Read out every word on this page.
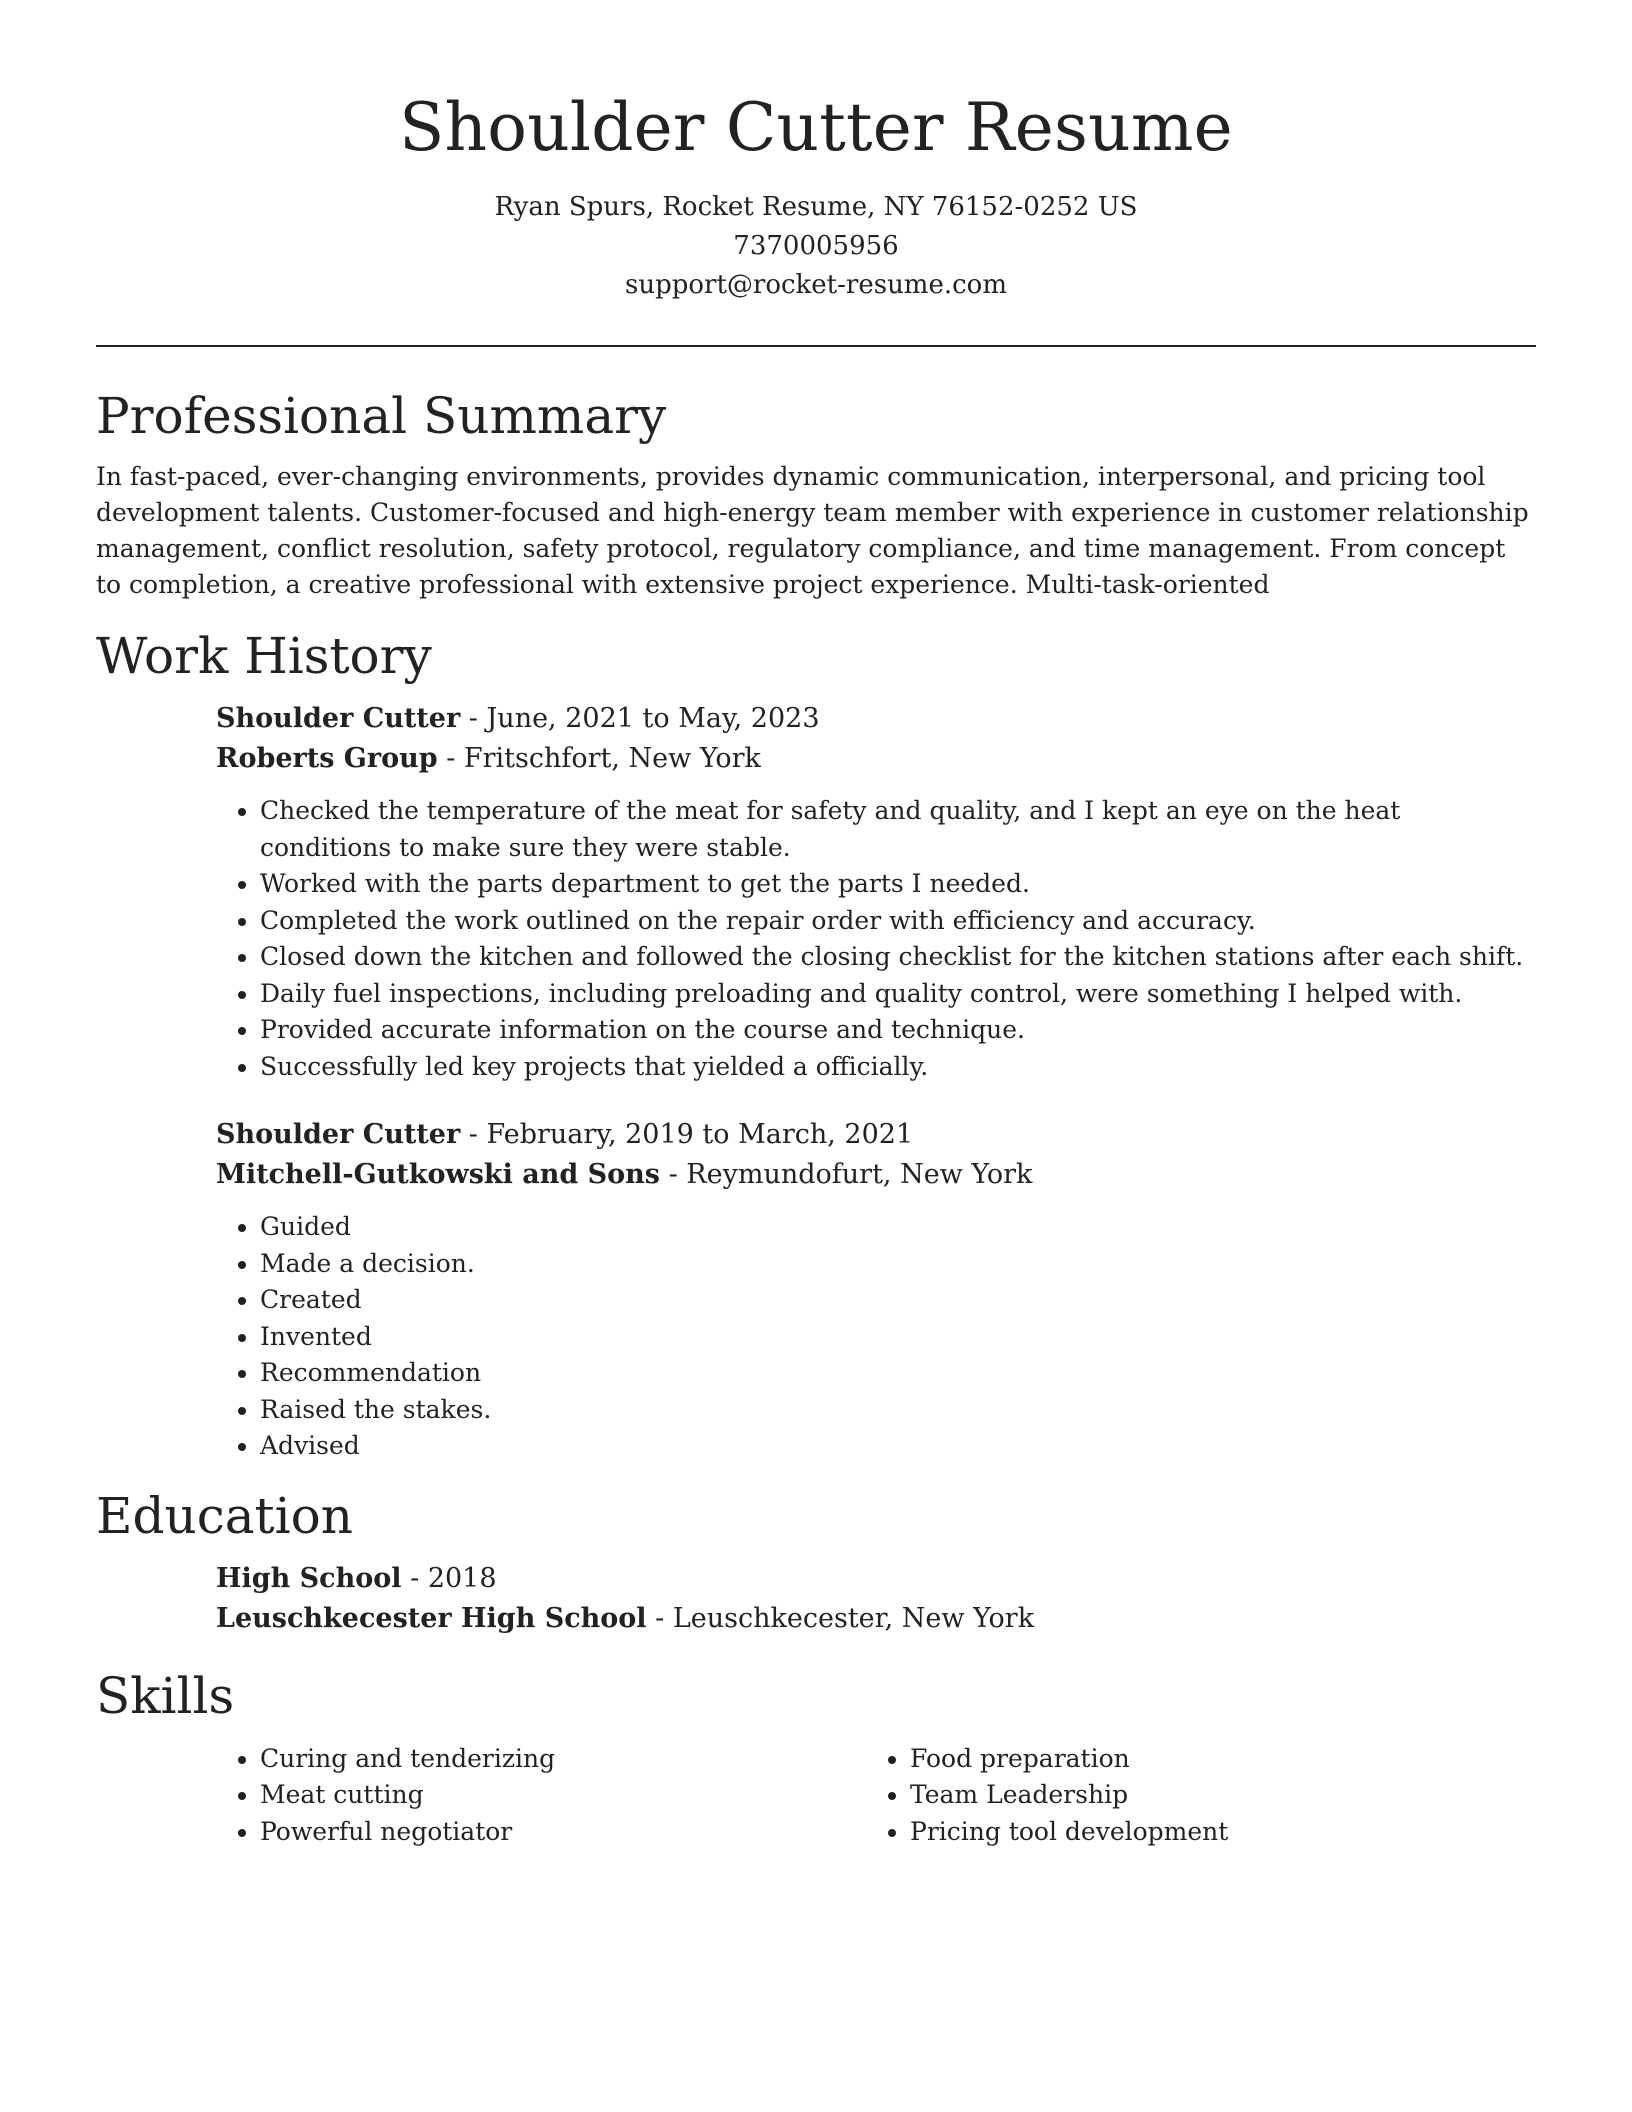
Shoulder Cutter Resume
Ryan Spurs, Rocket Resume, NY 76152-0252 US
7370005956
support@rocket-resume.com
Professional Summary

In fast-paced, ever-changing environments, provides dynamic communication, interpersonal, and pricing tool development talents. Customer-focused and high-energy team member with experience in customer relationship management, conflict resolution, safety protocol, regulatory compliance, and time management. From concept to completion, a creative professional with extensive project experience. Multi-task-oriented

Work History
Shoulder Cutter - June, 2021 to May, 2023
Roberts Group - Fritschfort, New York
• Checked the temperature of the meat for safety and quality, and I kept an eye on the heat conditions to make sure they were stable.
• Worked with the parts department to get the parts I needed.
• Completed the work outlined on the repair order with efficiency and accuracy.
• Closed down the kitchen and followed the closing checklist for the kitchen stations after each shift.
• Daily fuel inspections, including preloading and quality control, were something I helped with.
• Provided accurate information on the course and technique.
• Successfully led key projects that yielded a officially.
Shoulder Cutter - February, 2019 to March, 2021
Mitchell-Gutkowski and Sons - Reymundofurt, New York
• Guided
• Made a decision.
• Created
• Invented
• Recommendation
• Raised the stakes.
• Advised
Education
High School - 2018
Leuschkecester High School - Leuschkecester, New York
Skills
• Curing and tenderizing
• Meat cutting
• Powerful negotiator
• Food preparation
• Team Leadership
• Pricing tool development
